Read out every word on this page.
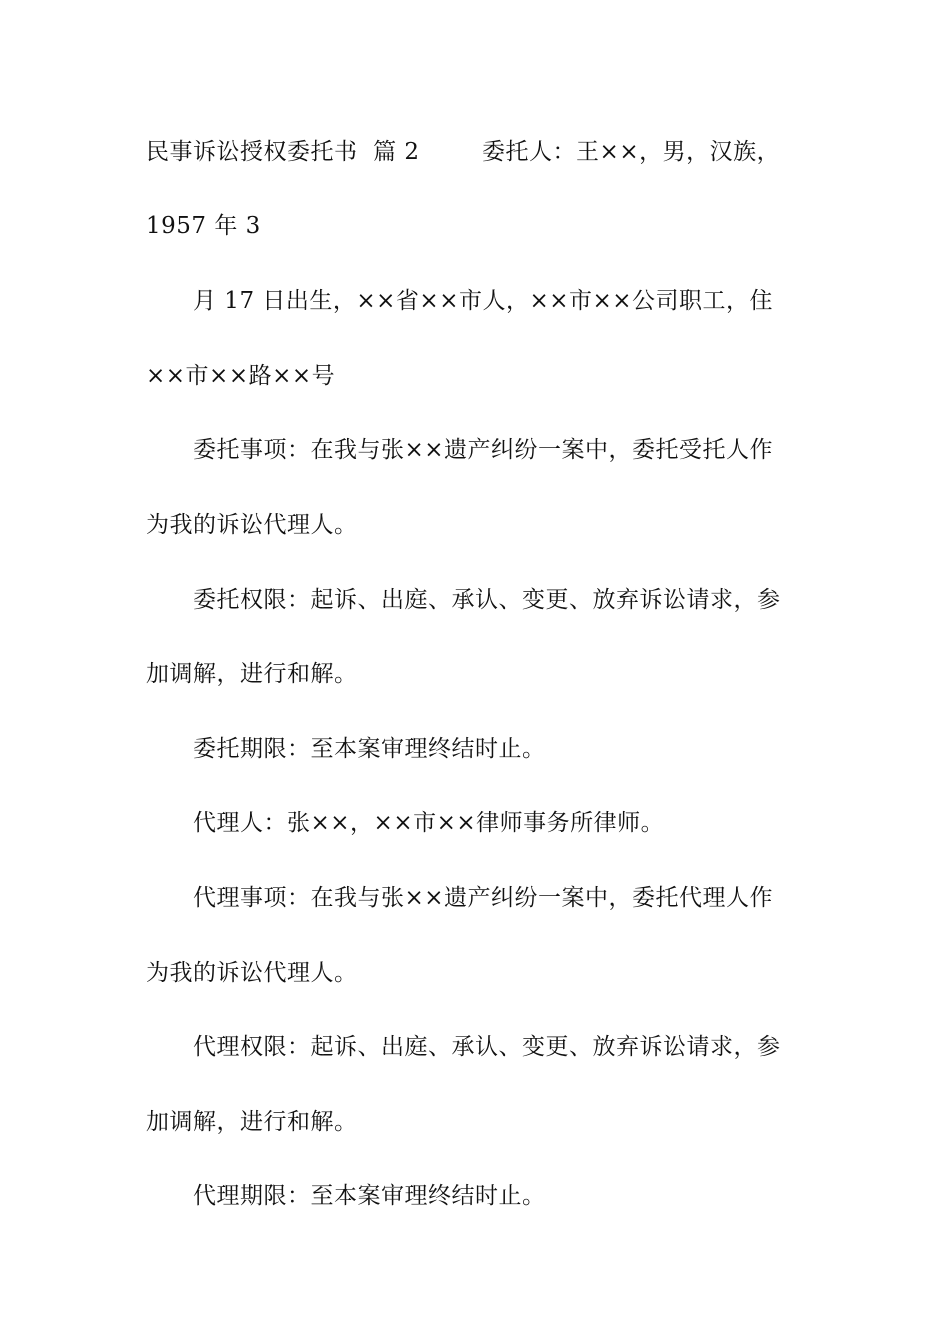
民事诉讼授权委托书  篇 2        委托人：王××，男，汉族，
1957 年 3
月 17 日出生，××省××市人，××市××公司职工，住
××市××路××号
委托事项：在我与张××遗产纠纷一案中，委托受托人作
为我的诉讼代理人。
委托权限：起诉、出庭、承认、变更、放弃诉讼请求，参
加调解，进行和解。
委托期限：至本案审理终结时止。
代理人：张××，××市××律师事务所律师。
代理事项：在我与张××遗产纠纷一案中，委托代理人作
为我的诉讼代理人。
代理权限：起诉、出庭、承认、变更、放弃诉讼请求，参
加调解，进行和解。
代理期限：至本案审理终结时止。
